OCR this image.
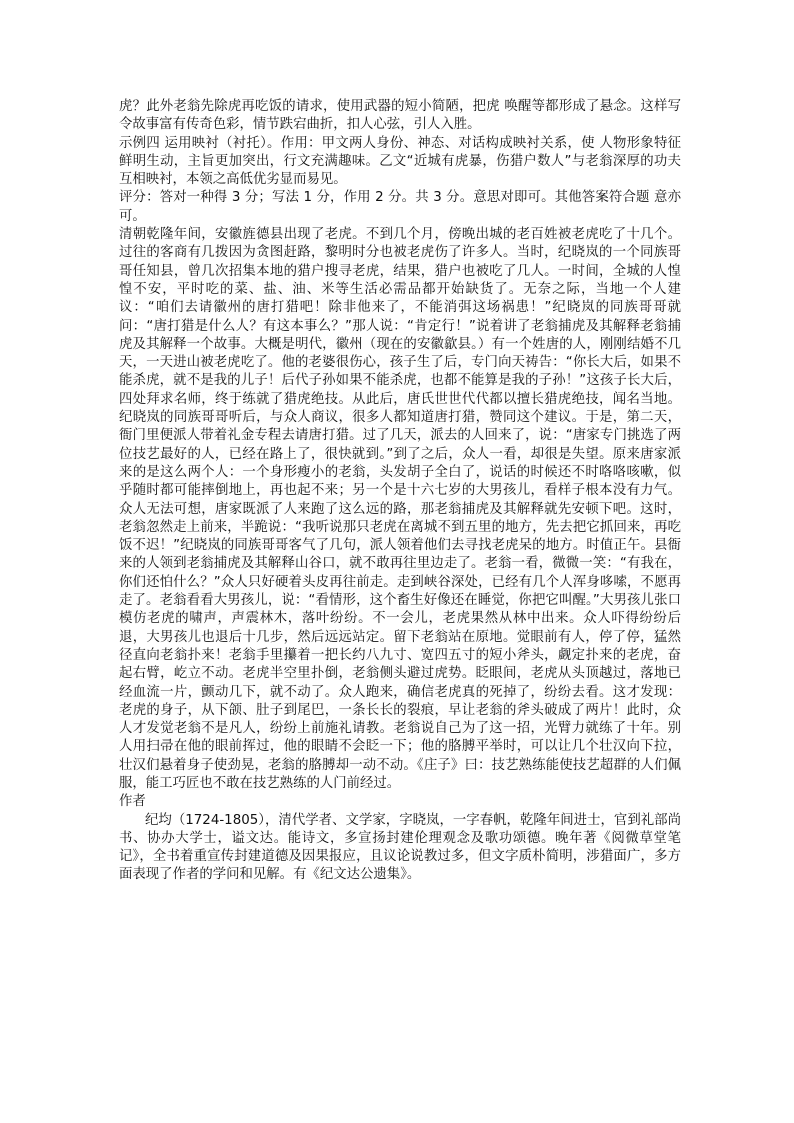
虎？此外老翁先除虎再吃饭的请求，使用武器的短小简陋，把虎 唤醒等都形成了悬念。这样写令故事富有传奇色彩，情节跌宕曲折，扣人心弦，引人入胜。

示例四 运用映衬（衬托）。作用：甲文两人身份、神态、对话构成映衬关系，使 人物形象特征鲜明生动，主旨更加突出，行文充满趣味。乙文“近城有虎暴，伤猎户数人”与老翁深厚的功夫互相映衬，本领之高低优劣显而易见。

评分：答对一种得 3 分；写法 1 分，作用 2 分。共 3 分。意思对即可。其他答案符合题 意亦可。

清朝乾隆年间，安徽旌德县出现了老虎。不到几个月，傍晚出城的老百姓被老虎吃了十几个。过往的客商有几拨因为贪图赶路，黎明时分也被老虎伤了许多人。当时，纪晓岚的一个同族哥哥任知县，曾几次招集本地的猎户搜寻老虎，结果，猎户也被吃了几人。一时间，全城的人惶惶不安，平时吃的菜、盐、油、米等生活必需品都开始缺货了。无奈之际，当地一个人建议：“咱们去请徽州的唐打猎吧！除非他来了，不能消弭这场祸患！”纪晓岚的同族哥哥就问：“唐打猎是什么人？有这本事么？”那人说：“肯定行！”说着讲了老翁捕虎及其解释老翁捕虎及其解释一个故事。大概是明代，徽州（现在的安徽歙县。）有一个姓唐的人，刚刚结婚不几天，一天进山被老虎吃了。他的老婆很伤心，孩子生了后，专门向天祷告：“你长大后，如果不能杀虎，就不是我的儿子！后代子孙如果不能杀虎，也都不能算是我的子孙！”这孩子长大后，四处拜求名师，终于练就了猎虎绝技。从此后，唐氏世世代代都以擅长猎虎绝技，闻名当地。纪晓岚的同族哥哥听后，与众人商议，很多人都知道唐打猎，赞同这个建议。于是，第二天，衙门里便派人带着礼金专程去请唐打猎。过了几天，派去的人回来了，说：“唐家专门挑选了两位技艺最好的人，已经在路上了，很快就到。”到了之后，众人一看，却很是失望。原来唐家派来的是这么两个人：一个身形瘦小的老翁，头发胡子全白了，说话的时候还不时咯咯咳嗽，似乎随时都可能摔倒地上，再也起不来；另一个是十六七岁的大男孩儿，看样子根本没有力气。众人无法可想，唐家既派了人来跑了这么远的路，那老翁捕虎及其解释就先安顿下吧。这时，老翁忽然走上前来，半跪说：“我听说那只老虎在离城不到五里的地方，先去把它抓回来，再吃饭不迟！”纪晓岚的同族哥哥客气了几句，派人领着他们去寻找老虎呆的地方。时值正午。县衙来的人领到老翁捕虎及其解释山谷口，就不敢再往里边走了。老翁一看，微微一笑：“有我在，你们还怕什么？”众人只好硬着头皮再往前走。走到峡谷深处，已经有几个人浑身哆嗦，不愿再走了。老翁看看大男孩儿，说：“看情形，这个畜生好像还在睡觉，你把它叫醒。”大男孩儿张口模仿老虎的啸声，声震林木，落叶纷纷。不一会儿，老虎果然从林中出来。众人吓得纷纷后退，大男孩儿也退后十几步，然后远远站定。留下老翁站在原地。觉眼前有人，停了停，猛然径直向老翁扑来！老翁手里攥着一把长约八九寸、宽四五寸的短小斧头，觑定扑来的老虎，奋起右臂，屹立不动。老虎半空里扑倒，老翁侧头避过虎势。眨眼间，老虎从头顶越过，落地已经血流一片，颤动几下，就不动了。众人跑来，确信老虎真的死掉了，纷纷去看。这才发现：老虎的身子，从下颌、肚子到尾巴，一条长长的裂痕，早让老翁的斧头破成了两片！此时，众人才发觉老翁不是凡人，纷纷上前施礼请教。老翁说自己为了这一招，光臂力就练了十年。别人用扫帚在他的眼前挥过，他的眼睛不会眨一下；他的胳膊平举时，可以让几个壮汉向下拉，壮汉们悬着身子使劲晃，老翁的胳膊却一动不动。《庄子》曰：技艺熟练能使技艺超群的人们佩服，能工巧匠也不敢在技艺熟练的人门前经过。

作者

纪均（1724-1805），清代学者、文学家，字晓岚，一字春帆，乾隆年间进士，官到礼部尚书、协办大学士，谥文达。能诗文，多宣扬封建伦理观念及歌功颂德。晚年著《阅微草堂笔记》，全书着重宣传封建道德及因果报应，且议论说教过多，但文字质朴简明，涉猎面广，多方面表现了作者的学问和见解。有《纪文达公遗集》。
